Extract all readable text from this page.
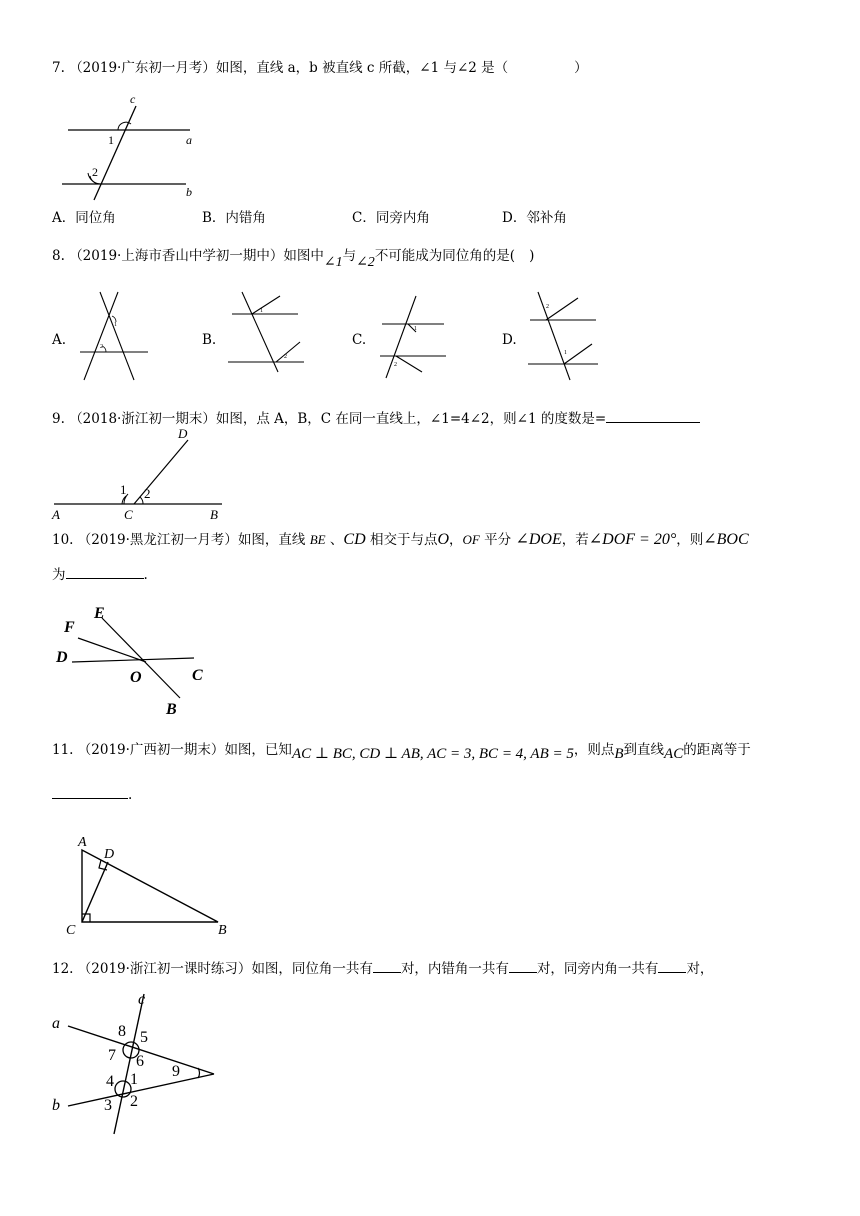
7. （2019·广东初一月考）如图，直线 a，b 被直线 c 所截，∠1 与∠2 是（	）
c
a
b
1
2
A．同位角	B．内错角	C．同旁内角	D．邻补角
8. （2019·上海市香山中学初一期中）如图中∠1与∠2不可能成为同位角的是( )
A.
1
2	B.
1
2
C.
1
2
D.
2
1
9. （2018·浙江初一期末）如图，点 A，B，C 在同一直线上，∠1=4∠2，则∠1 的度数是=
D
1 2
A	C	B
10. （2019·黑龙江初一月考）如图，直线 BE 、CD 相交于与点O，OF 平分 ∠DOE，若∠DOF = 20°，则∠BOC
为	.
E
F
D
O	C
B
11. （2019·广西初一期末）如图，已知AC ⊥ BC, CD ⊥ AB, AC = 3, BC = 4, AB = 5，则点B到直线AC的距离等于
.
A
D
C	B
12. （2019·浙江初一课时练习）如图，同位角一共有 对，内错角一共有 对，同旁内角一共有 对，
c
a
b
8 5
7 6
9
4 1
3 2
